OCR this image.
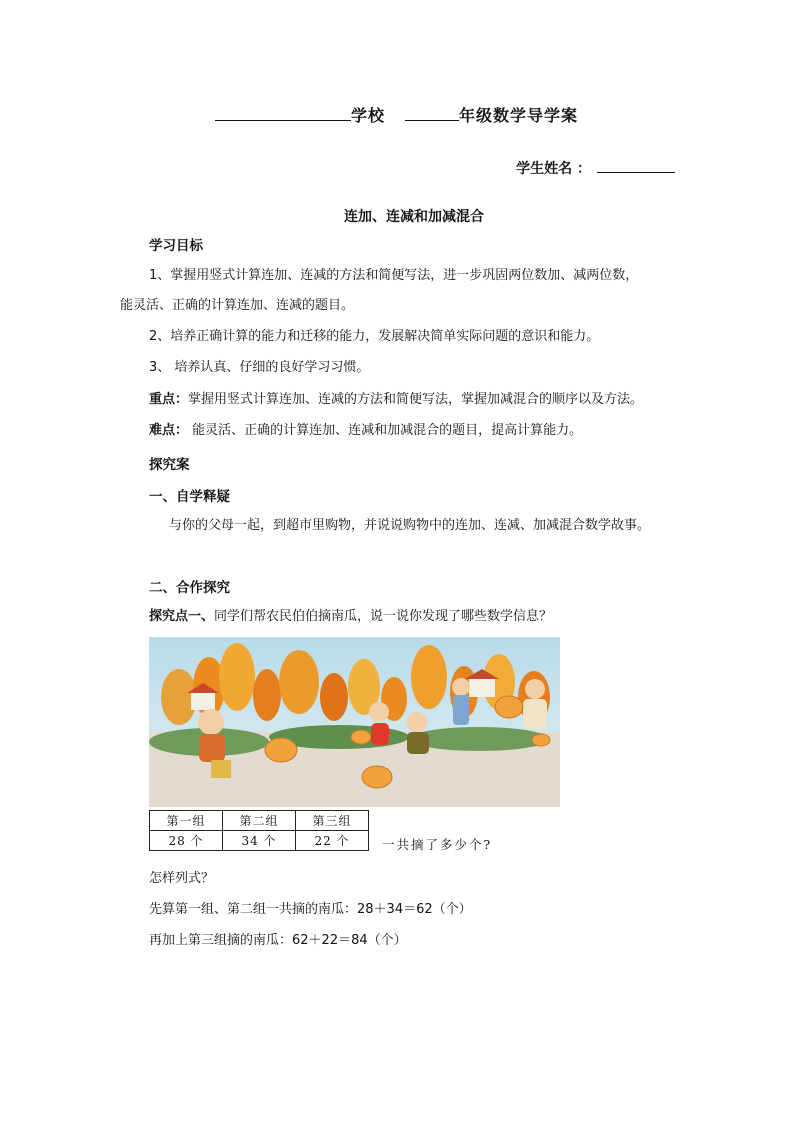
学校	年级数学导学案
学生姓名 ：
连加、连减和加减混合
学习目标
1、掌握用竖式计算连加、连减的方法和简便写法，进一步巩固两位数加、减两位数，
能灵活、正确的计算连加、连减的题目。
2、培养正确计算的能力和迁移的能力，发展解决简单实际问题的意识和能力。
3、 培养认真、仔细的良好学习习惯。
重点：掌握用竖式计算连加、连减的方法和简便写法，掌握加减混合的顺序以及方法。
难点： 能灵活、正确的计算连加、连减和加减混合的题目，提高计算能力。
探究案
一、自学释疑
与你的父母一起，到超市里购物，并说说购物中的连加、连减、加减混合数学故事。
二、合作探究
探究点一、同学们帮农民伯伯摘南瓜，说一说你发现了哪些数学信息？
第一组	第二组	第三组
28 个	34 个	22 个	一共摘了多少个?
怎样列式？
先算第一组、第二组一共摘的南瓜：28＋34＝62（个）
再加上第三组摘的南瓜：62＋22＝84（个）
